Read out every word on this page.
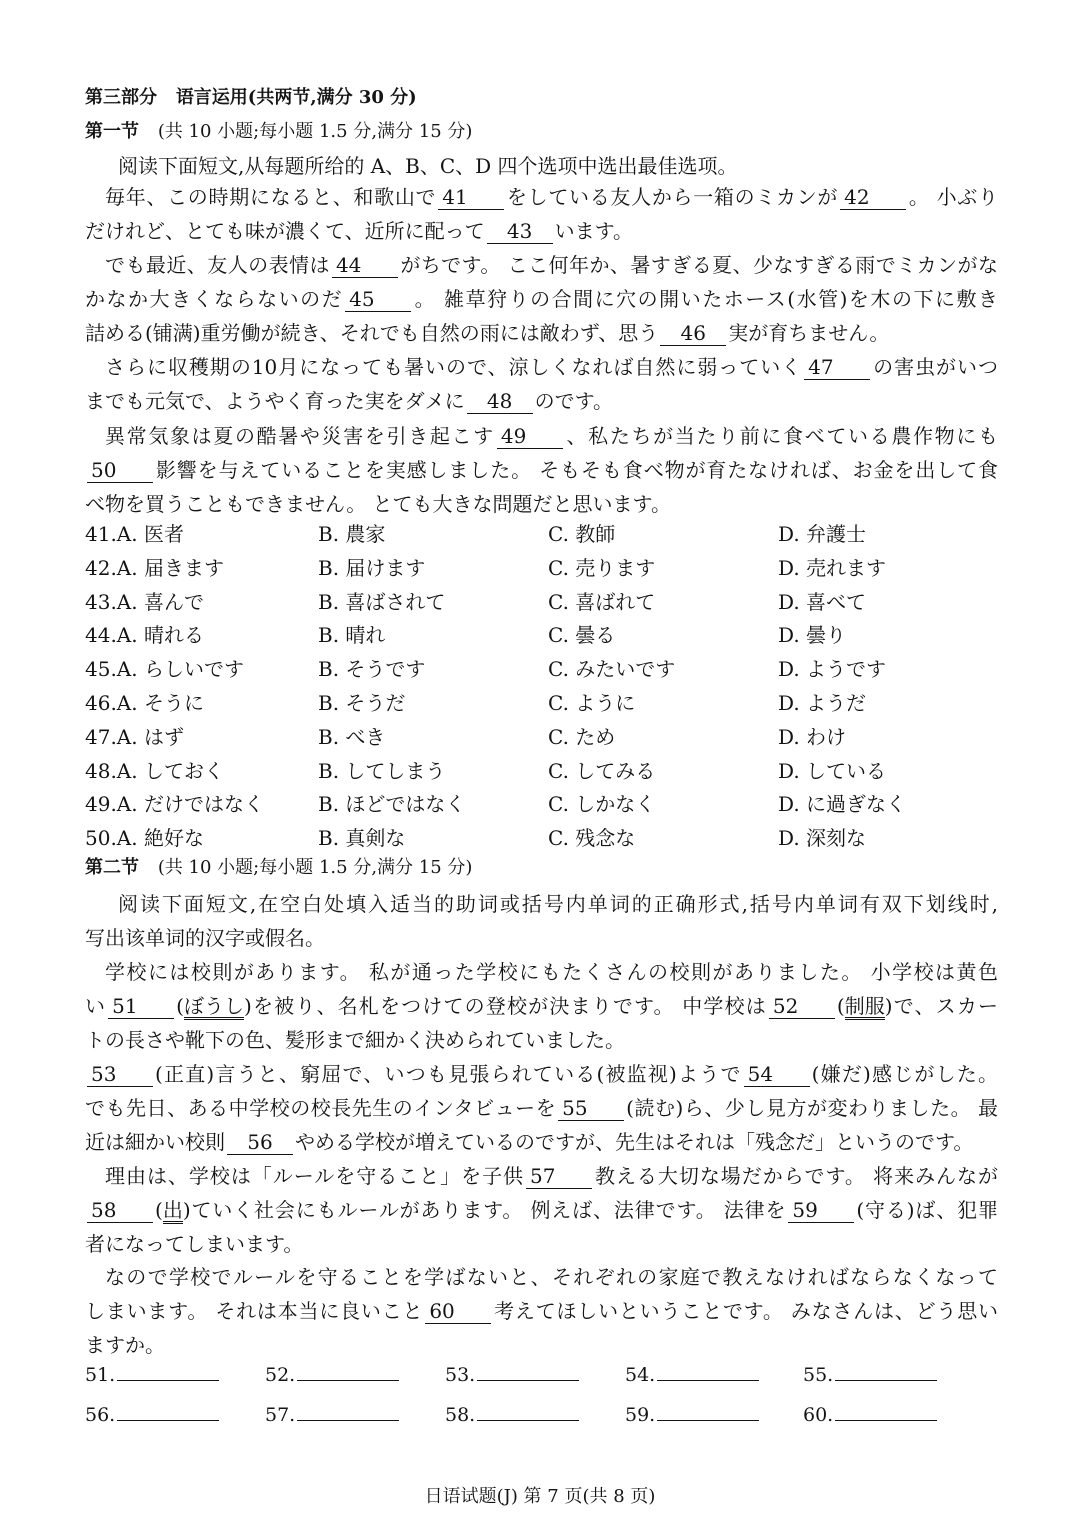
第三部分 语言运用(共两节,满分 30 分)
第一节 (共 10 小题;每小题 1.5 分,满分 15 分)
阅读下面短文,从每题所给的 A、B、C、D 四个选项中选出最佳选项。
毎年、この時期になると、和歌山で 41 をしている友人から一箱のミカンが 42 。 小ぶり
だけれど、とても味が濃くて、近所に配って 43 います。
でも最近、友人の表情は 44 がちです。 ここ何年か、暑すぎる夏、少なすぎる雨でミカンがな
かなか大きくならないのだ 45 。 雑草狩りの合間に穴の開いたホース(水管)を木の下に敷き
詰める(铺满)重労働が続き、それでも自然の雨には敵わず、思う 46 実が育ちません。
さらに収穫期の10月になっても暑いので、涼しくなれば自然に弱っていく 47 の害虫がいつ
までも元気で、ようやく育った実をダメに 48 のです。
異常気象は夏の酷暑や災害を引き起こす 49 、私たちが当たり前に食べている農作物にも
50 影響を与えていることを実感しました。 そもそも食べ物が育たなければ、お金を出して食
べ物を買うこともできません。 とても大きな問題だと思います。
41.A. 医者	B. 農家	C. 教師	D. 弁護士
42.A. 届きます	B. 届けます	C. 売ります	D. 売れます
43.A. 喜んで	B. 喜ばされて	C. 喜ばれて	D. 喜べて
44.A. 晴れる	B. 晴れ	C. 曇る	D. 曇り
45.A. らしいです	B. そうです	C. みたいです	D. ようです
46.A. そうに	B. そうだ	C. ように	D. ようだ
47.A. はず	B. べき	C. ため	D. わけ
48.A. しておく	B. してしまう	C. してみる	D. している
49.A. だけではなく	B. ほどではなく	C. しかなく	D. に過ぎなく
50.A. 絶好な	B. 真剣な	C. 残念な	D. 深刻な
第二节 (共 10 小题;每小题 1.5 分,满分 15 分)
阅读下面短文,在空白处填入适当的助词或括号内单词的正确形式,括号内单词有双下划线时,
写出该单词的汉字或假名。
学校には校則があります。 私が通った学校にもたくさんの校則がありました。 小学校は黄色
い 51 (ぼうし)を被り、名札をつけての登校が決まりです。 中学校は 52 (制服)で、スカー
トの長さや靴下の色、髪形まで細かく決められていました。
53 (正直)言うと、窮屈で、いつも見張られている(被监视)ようで 54 (嫌だ)感じがした。
でも先日、ある中学校の校長先生のインタビューを 55 (読む)ら、少し見方が変わりました。 最
近は細かい校則 56 やめる学校が増えているのですが、先生はそれは「残念だ」というのです。
理由は、学校は「ルールを守ること」を子供 57 教える大切な場だからです。 将来みんなが
58 (出)ていく社会にもルールがあります。 例えば、法律です。 法律を 59 (守る)ば、犯罪
者になってしまいます。
なので学校でルールを守ることを学ばないと、それぞれの家庭で教えなければならなくなって
しまいます。 それは本当に良いこと 60 考えてほしいということです。 みなさんは、どう思い
ますか。
51.	52.	53.	54.	55.
56.	57.	58.	59.	60.
日语试题(J) 第 7 页(共 8 页)
